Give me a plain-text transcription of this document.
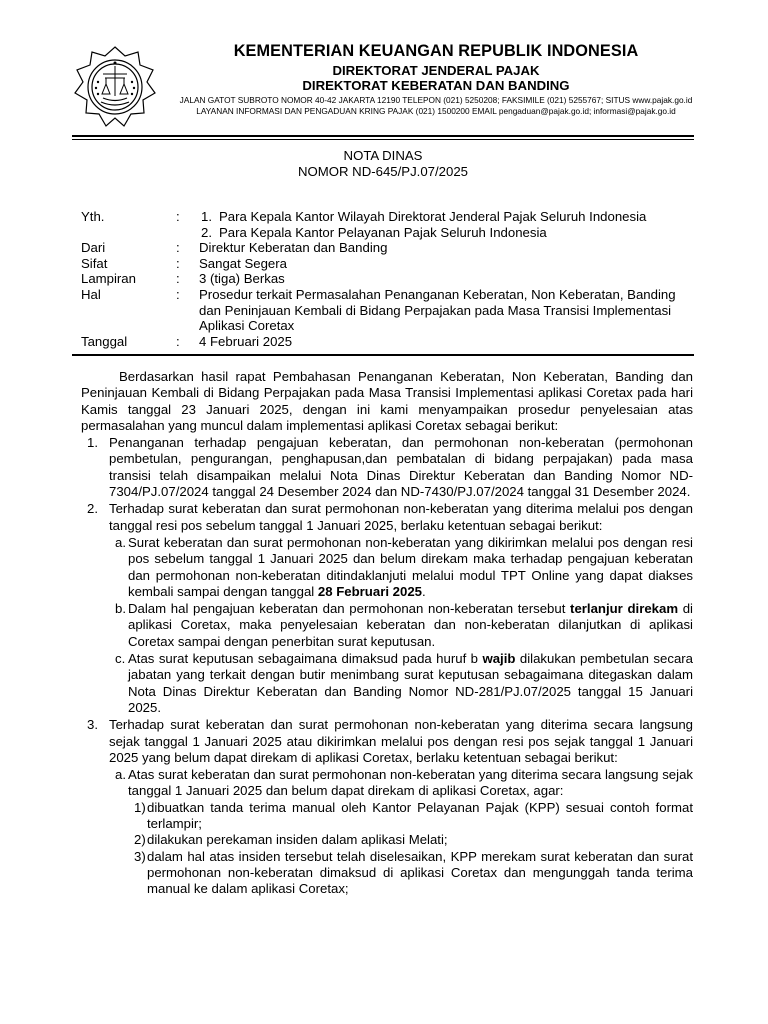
KEMENTERIAN KEUANGAN REPUBLIK INDONESIA
DIREKTORAT JENDERAL PAJAK
DIREKTORAT KEBERATAN DAN BANDING
JALAN GATOT SUBROTO NOMOR 40-42 JAKARTA 12190 TELEPON (021) 5250208; FAKSIMILE (021) 5255767; SITUS www.pajak.go.id LAYANAN INFORMASI DAN PENGADUAN KRING PAJAK (021) 1500200 EMAIL pengaduan@pajak.go.id; informasi@pajak.go.id
NOTA DINAS
NOMOR ND-645/PJ.07/2025
Yth.	:	1. Para Kepala Kantor Wilayah Direktorat Jenderal Pajak Seluruh Indonesia
2. Para Kepala Kantor Pelayanan Pajak Seluruh Indonesia
Dari	:	Direktur Keberatan dan Banding
Sifat	:	Sangat Segera
Lampiran	:	3 (tiga) Berkas
Hal	:	Prosedur terkait Permasalahan Penanganan Keberatan, Non Keberatan, Banding dan Peninjauan Kembali di Bidang Perpajakan pada Masa Transisi Implementasi Aplikasi Coretax
Tanggal	:	4 Februari 2025

Berdasarkan hasil rapat Pembahasan Penanganan Keberatan, Non Keberatan, Banding dan Peninjauan Kembali di Bidang Perpajakan pada Masa Transisi Implementasi aplikasi Coretax pada hari Kamis tanggal 23 Januari 2025, dengan ini kami menyampaikan prosedur penyelesaian atas permasalahan yang muncul dalam implementasi aplikasi Coretax sebagai berikut:

1. Penanganan terhadap pengajuan keberatan, dan permohonan non-keberatan (permohonan pembetulan, pengurangan, penghapusan,dan pembatalan di bidang perpajakan) pada masa transisi telah disampaikan melalui Nota Dinas Direktur Keberatan dan Banding Nomor ND-7304/PJ.07/2024 tanggal 24 Desember 2024 dan ND-7430/PJ.07/2024 tanggal 31 Desember 2024.
2. Terhadap surat keberatan dan surat permohonan non-keberatan yang diterima melalui pos dengan tanggal resi pos sebelum tanggal 1 Januari 2025, berlaku ketentuan sebagai berikut:
a. Surat keberatan dan surat permohonan non-keberatan yang dikirimkan melalui pos dengan resi pos sebelum tanggal 1 Januari 2025 dan belum direkam maka terhadap pengajuan keberatan dan permohonan non-keberatan ditindaklanjuti melalui modul TPT Online yang dapat diakses kembali sampai dengan tanggal 28 Februari 2025.
b. Dalam hal pengajuan keberatan dan permohonan non-keberatan tersebut terlanjur direkam di aplikasi Coretax, maka penyelesaian keberatan dan non-keberatan dilanjutkan di aplikasi Coretax sampai dengan penerbitan surat keputusan.
c. Atas surat keputusan sebagaimana dimaksud pada huruf b wajib dilakukan pembetulan secara jabatan yang terkait dengan butir menimbang surat keputusan sebagaimana ditegaskan dalam Nota Dinas Direktur Keberatan dan Banding Nomor ND-281/PJ.07/2025 tanggal 15 Januari 2025.
3. Terhadap surat keberatan dan surat permohonan non-keberatan yang diterima secara langsung sejak tanggal 1 Januari 2025 atau dikirimkan melalui pos dengan resi pos sejak tanggal 1 Januari 2025 yang belum dapat direkam di aplikasi Coretax, berlaku ketentuan sebagai berikut:
a. Atas surat keberatan dan surat permohonan non-keberatan yang diterima secara langsung sejak tanggal 1 Januari 2025 dan belum dapat direkam di aplikasi Coretax, agar:
1) dibuatkan tanda terima manual oleh Kantor Pelayanan Pajak (KPP) sesuai contoh format terlampir;
2) dilakukan perekaman insiden dalam aplikasi Melati;
3) dalam hal atas insiden tersebut telah diselesaikan, KPP merekam surat keberatan dan surat permohonan non-keberatan dimaksud di aplikasi Coretax dan mengunggah tanda terima manual ke dalam aplikasi Coretax;
